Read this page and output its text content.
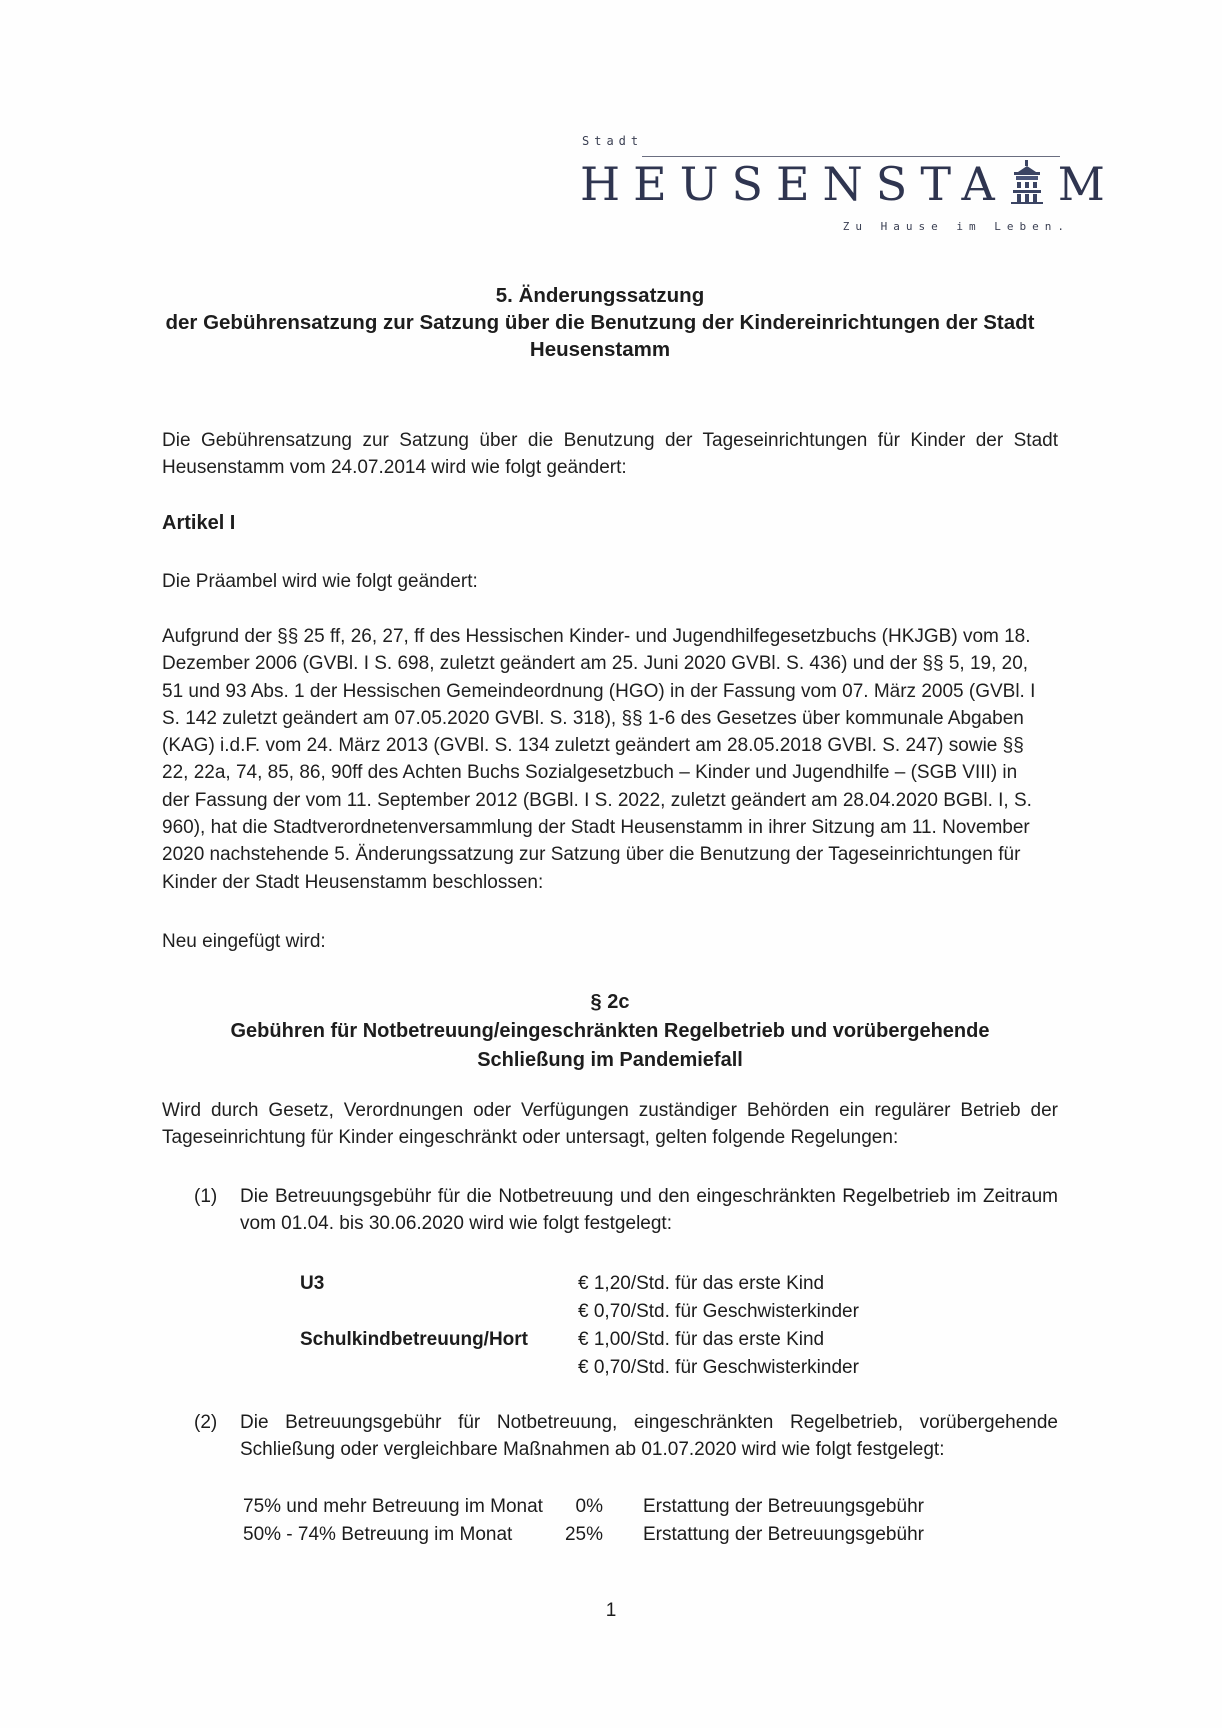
Stadt
HEUSENSTA M
Zu Hause im Leben.
5. Änderungssatzung
der Gebührensatzung zur Satzung über die Benutzung der Kindereinrichtungen der Stadt
Heusenstamm
Die Gebührensatzung zur Satzung über die Benutzung der Tageseinrichtungen für Kinder der Stadt Heusenstamm vom 24.07.2014 wird wie folgt geändert:
Artikel I
Die Präambel wird wie folgt geändert:
Aufgrund der §§ 25 ff, 26, 27, ff des Hessischen Kinder- und Jugendhilfegesetzbuchs (HKJGB) vom 18.
Dezember 2006 (GVBl. I S. 698, zuletzt geändert am 25. Juni 2020 GVBl. S. 436) und der §§ 5, 19, 20,
51 und 93 Abs. 1 der Hessischen Gemeindeordnung (HGO) in der Fassung vom 07. März 2005 (GVBl. I
S. 142 zuletzt geändert am 07.05.2020 GVBl. S. 318), §§ 1-6 des Gesetzes über kommunale Abgaben
(KAG) i.d.F. vom 24. März 2013 (GVBl. S. 134 zuletzt geändert am 28.05.2018 GVBl. S. 247) sowie §§
22, 22a, 74, 85, 86, 90ff des Achten Buchs Sozialgesetzbuch – Kinder und Jugendhilfe – (SGB VIII) in
der Fassung der vom 11. September 2012 (BGBl. I S. 2022, zuletzt geändert am 28.04.2020 BGBl. I, S.
960), hat die Stadtverordnetenversammlung der Stadt Heusenstamm in ihrer Sitzung am 11. November
2020 nachstehende 5. Änderungssatzung zur Satzung über die Benutzung der Tageseinrichtungen für
Kinder der Stadt Heusenstamm beschlossen:
Neu eingefügt wird:
§ 2c
Gebühren für Notbetreuung/eingeschränkten Regelbetrieb und vorübergehende
Schließung im Pandemiefall
Wird durch Gesetz, Verordnungen oder Verfügungen zuständiger Behörden ein regulärer Betrieb der Tageseinrichtung für Kinder eingeschränkt oder untersagt, gelten folgende Regelungen:
(1) Die Betreuungsgebühr für die Notbetreuung und den eingeschränkten Regelbetrieb im Zeitraum vom 01.04. bis 30.06.2020 wird wie folgt festgelegt:
U3	€ 1,20/Std. für das erste Kind
€ 0,70/Std. für Geschwisterkinder
Schulkindbetreuung/Hort	€ 1,00/Std. für das erste Kind
€ 0,70/Std. für Geschwisterkinder
(2) Die Betreuungsgebühr für Notbetreuung, eingeschränkten Regelbetrieb, vorübergehende Schließung oder vergleichbare Maßnahmen ab 01.07.2020 wird wie folgt festgelegt:
75% und mehr Betreuung im Monat 0% Erstattung der Betreuungsgebühr
50% - 74% Betreuung im Monat	25% Erstattung der Betreuungsgebühr
1
